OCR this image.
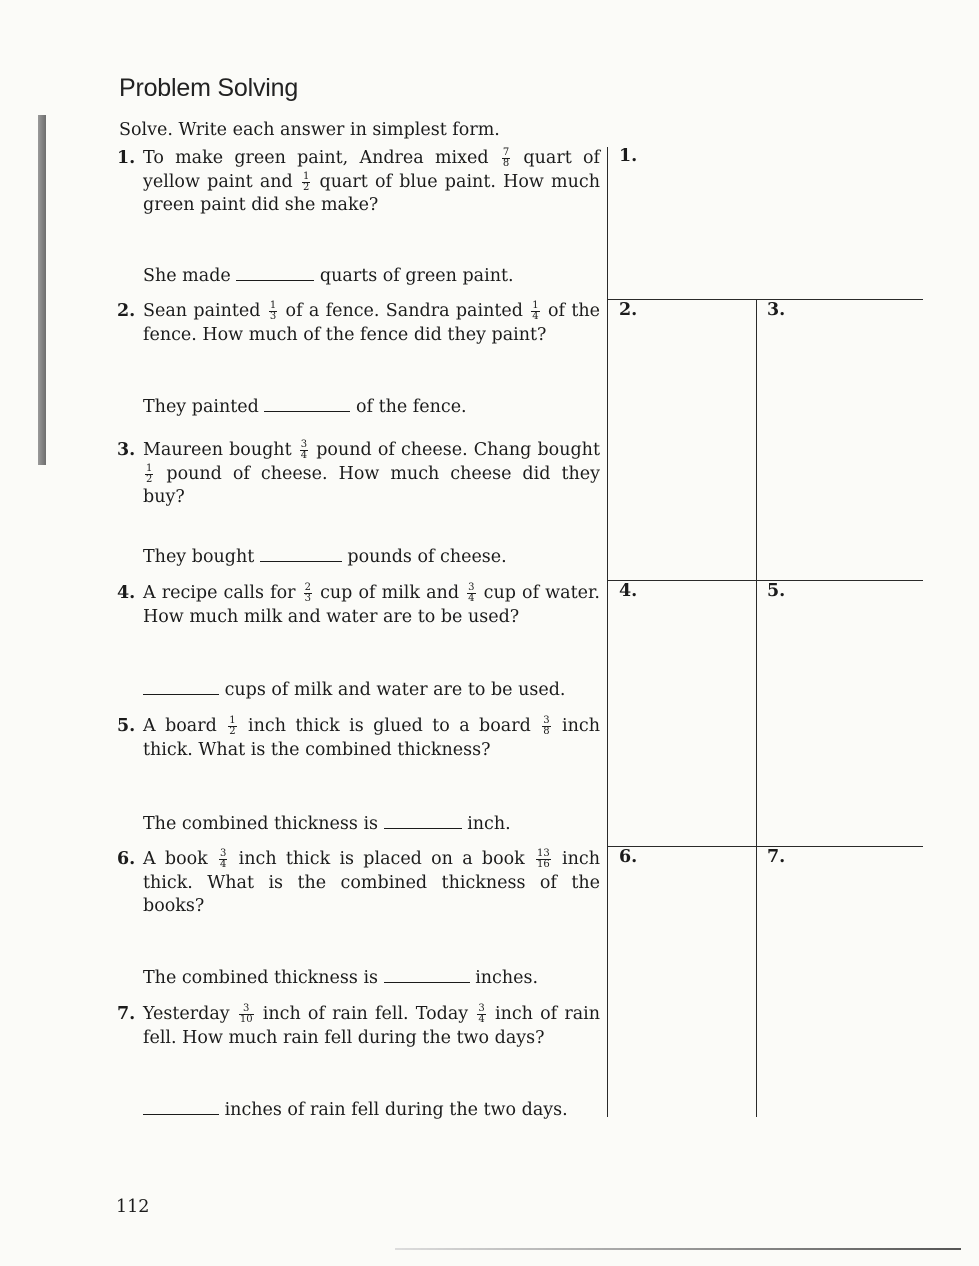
Problem Solving
Solve. Write each answer in simplest form.
1. To make green paint, Andrea mixed $\frac{7}{8}$ quart of yellow paint and $\frac{1}{2}$ quart of blue paint. How much green paint did she make?
She made	quarts of green paint.
2. Sean painted $\frac{1}{3}$ of a fence. Sandra painted $\frac{1}{4}$ of the fence. How much of the fence did they paint?
They painted	of the fence.
3. Maureen bought $\frac{3}{4}$ pound of cheese. Chang bought
$\frac{1}{2}$ pound of cheese. How much cheese did they buy?
They bought	pounds of cheese.
4. A recipe calls for $\frac{2}{3}$ cup of milk and $\frac{3}{4}$ cup of water. How much milk and water are to be used?
cups of milk and water are to be used.
5. A board $\frac{1}{2}$ inch thick is glued to a board $\frac{3}{8}$ inch thick. What is the combined thickness?
The combined thickness is	inch.
6. A book $\frac{3}{4}$ inch thick is placed on a book $\frac{13}{16}$ inch thick. What is the combined thickness of the books?
The combined thickness is	inches.
7. Yesterday $\frac{3}{10}$ inch of rain fell. Today $\frac{3}{4}$ inch of rain fell. How much rain fell during the two days?
inches of rain fell during the two days.
1.
2.	3.
4.	5.
6.	7.
112
